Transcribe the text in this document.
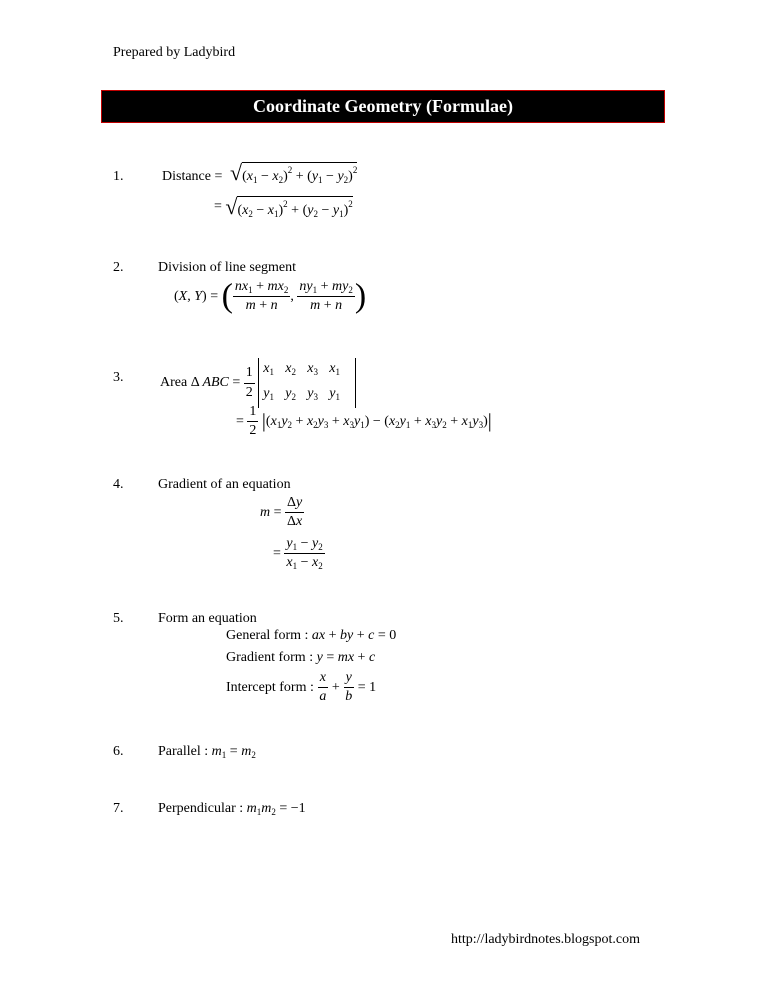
Prepared by Ladybird
Coordinate Geometry (Formulae)
1.	Distance = $√(x_1 - x_2)^2 + (y_1 - y_2)^2$
= $√(x_2 - x_1)^2 + (y_2 - y_1)^2$
2. Division of line segment
(X, Y) = ( $\frac{nx_1 + mx_2}{m + n}$ , $\frac{ny_1 + my_2}{m + n}$ )
3.	Area Δ ABC = $\frac{1}{2} x_1$ $x_2$ $x_3$ $x_1$
$y_1$ $y_2$ $y_3$ $y_1$
= $\frac{1}{2} |(x_1y_2 + x_2y_3 + x_3y_1) - (x_2y_1 + x_3y_2 + x_1y_3)|$
4. Gradient of an equation
$m = \frac{\Delta y}{\Delta x}$
= $\frac{y_1 - y_2}{x_1 - x_2}$
5. Form an equation
General form : ax + by + c = 0
Gradient form : y = mx + c
Intercept form : $\frac{x}{a} + \frac{y}{b} = 1$
6. Parallel : $m_1 = m_2$
7. Perpendicular : $m_1m_2 = -1$
http://ladybirdnotes.blogspot.com
